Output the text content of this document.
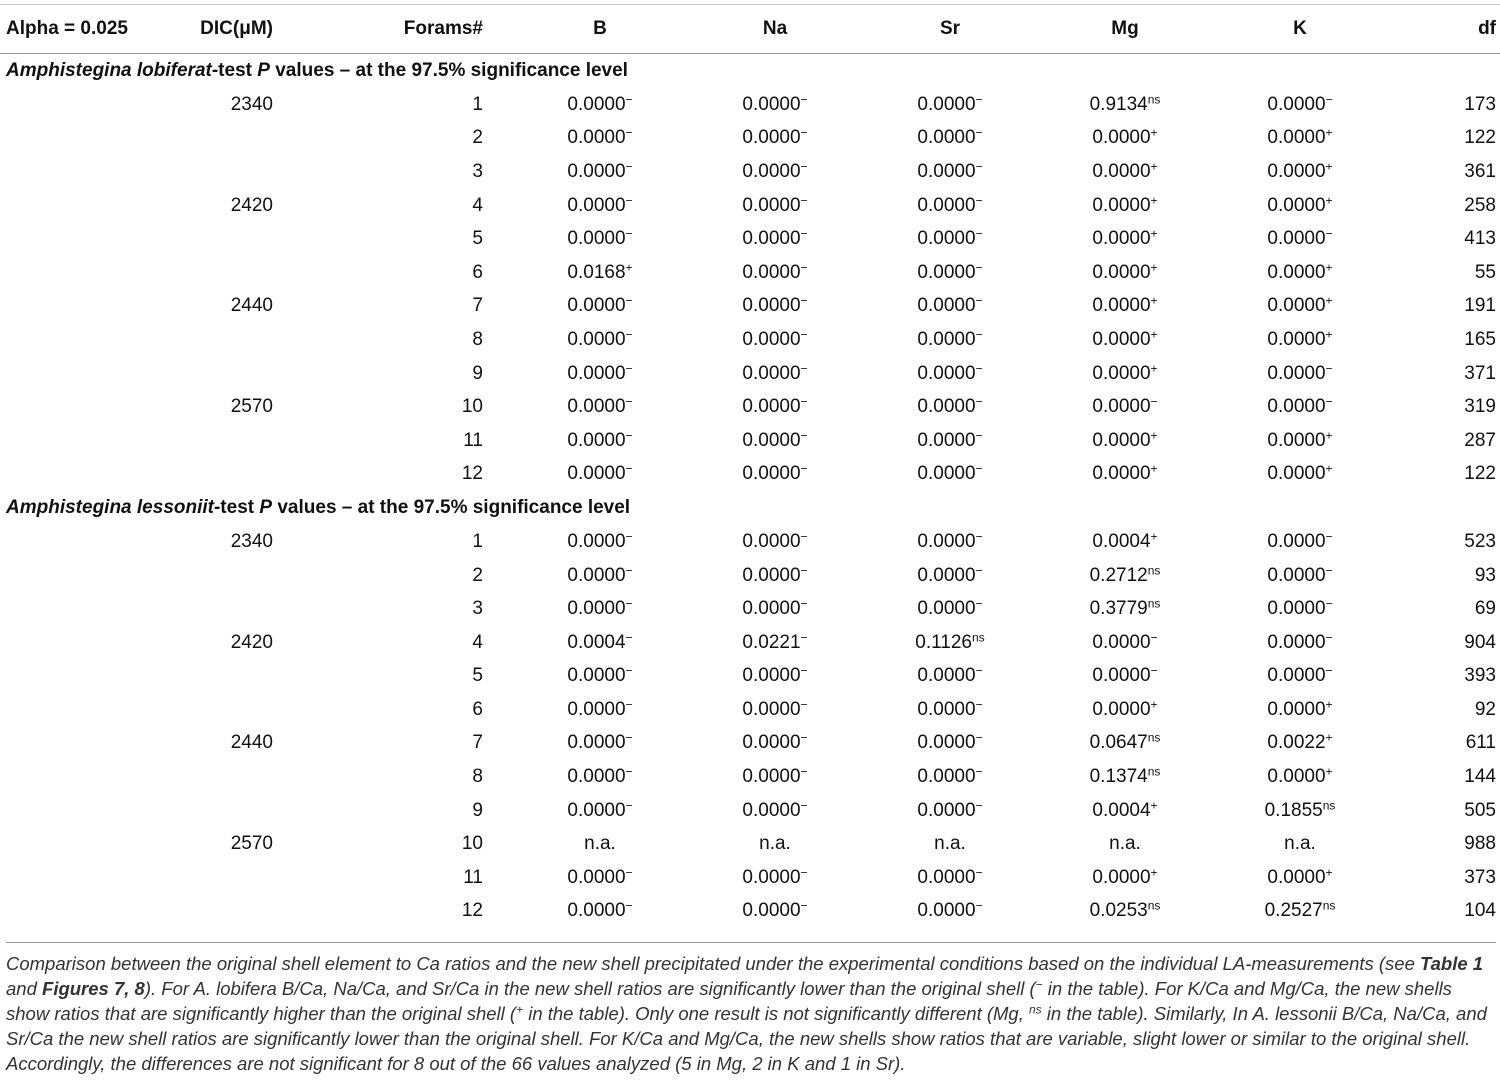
Alpha = 0.025	DIC(μM)	Forams#	B	Na	Sr	Mg	K	df
Amphistegina lobiferat-test P values – at the 97.5% significance level								
	2340	1	0.0000−	0.0000−	0.0000−	$0.9134^{ns}$	0.0000−	173
		2	0.0000−	0.0000−	0.0000−	0.0000+	0.0000+	122
		3	0.0000−	0.0000−	0.0000−	0.0000+	0.0000+	361
	2420	4	0.0000−	0.0000−	0.0000−	0.0000+	0.0000+	258
		5	0.0000−	0.0000−	0.0000−	0.0000+	0.0000−	413
		6	0.0168+	0.0000−	0.0000−	0.0000+	0.0000+	55
	2440	7	0.0000−	0.0000−	0.0000−	0.0000+	0.0000+	191
		8	0.0000−	0.0000−	0.0000−	0.0000+	0.0000+	165
		9	0.0000−	0.0000−	0.0000−	0.0000+	0.0000−	371
	2570	10	0.0000−	0.0000−	0.0000−	0.0000−	0.0000−	319
		11	0.0000−	0.0000−	0.0000−	0.0000+	0.0000+	287
		12	0.0000−	0.0000−	0.0000−	0.0000+	0.0000+	122
Amphistegina lessoniit-test P values – at the 97.5% significance level								
	2340	1	0.0000−	0.0000−	0.0000−	0.0004+	0.0000−	523
		2	0.0000−	0.0000−	0.0000−	$0.2712^{ns}$	0.0000−	93
		3	0.0000−	0.0000−	0.0000−	$0.3779^{ns}$	0.0000−	69
	2420	4	0.0004−	0.0221−	$0.1126^{ns}$	0.0000−	0.0000−	904
		5	0.0000−	0.0000−	0.0000−	0.0000−	0.0000−	393
		6	0.0000−	0.0000−	0.0000−	0.0000+	0.0000+	92
	2440	7	0.0000−	0.0000−	0.0000−	$0.0647^{ns}$	0.0022+	611
		8	0.0000−	0.0000−	0.0000−	$0.1374^{ns}$	0.0000+	144
		9	0.0000−	0.0000−	0.0000−	0.0004+	$0.1855^{ns}$	505
	2570	10	n.a.	n.a.	n.a.	n.a.	n.a.	988
		11	0.0000−	0.0000−	0.0000−	0.0000+	0.0000+	373
		12	0.0000−	0.0000−	0.0000−	$0.0253^{ns}$	$0.2527^{ns}$	104
Comparison between the original shell element to Ca ratios and the new shell precipitated under the experimental conditions based on the individual LA-measurements (see Table 1 and Figures 7, 8). For A. lobifera B/Ca, Na/Ca, and Sr/Ca in the new shell ratios are significantly lower than the original shell (− in the table). For K/Ca and Mg/Ca, the new shells show ratios that are significantly higher than the original shell (+ in the table). Only one result is not significantly different (Mg, $^{ns}$ in the table). Similarly, In A. lessonii B/Ca, Na/Ca, and Sr/Ca the new shell ratios are significantly lower than the original shell. For K/Ca and Mg/Ca, the new shells show ratios that are variable, slight lower or similar to the original shell. Accordingly, the differences are not significant for 8 out of the 66 values analyzed (5 in Mg, 2 in K and 1 in Sr).
